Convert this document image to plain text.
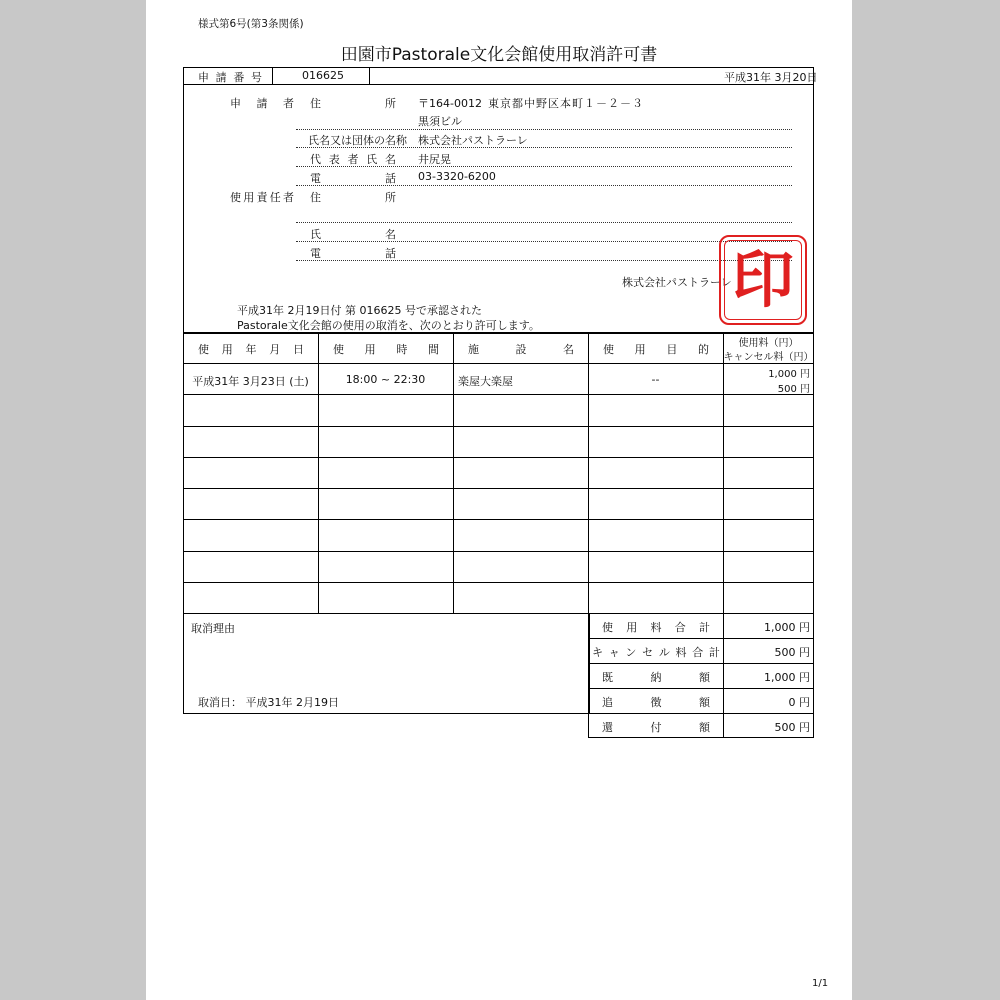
様式第6号(第3条関係)
田園市Pastorale文化会館使用取消許可書
申 請 番 号	016625	平成31年 3月20日
申 請 者 住	所 〒164-0012 東京都中野区本町１－２－３
黒須ビル
氏名又は団体の名称 株式会社パストラーレ
代 表 者 氏 名 井尻晃
電	話 03-3320-6200
使 用 責 任 者 住	所
氏	名
電	話
株式会社パストラーレ 印
平成31年 2月19日付 第 016625 号で承認された
Pastorale文化会館の使用の取消を、次のとおり許可します。
使 用 年 月 日	使 用 時 間	施	設	名	使 用 目 的	使用料（円）
キャンセル料（円）
平成31年 3月23日 (土)	18:00 ~ 22:30	楽屋大楽屋	--	1,000 円
500 円
取消理由
取消日： 平成31年 2月19日
使 用 料 合 計	1,000 円
キ ャ ン セ ル 料 合 計	500 円
既	納	額	1,000 円
追	徴	額	0 円
還	付	額	500 円
1/1
